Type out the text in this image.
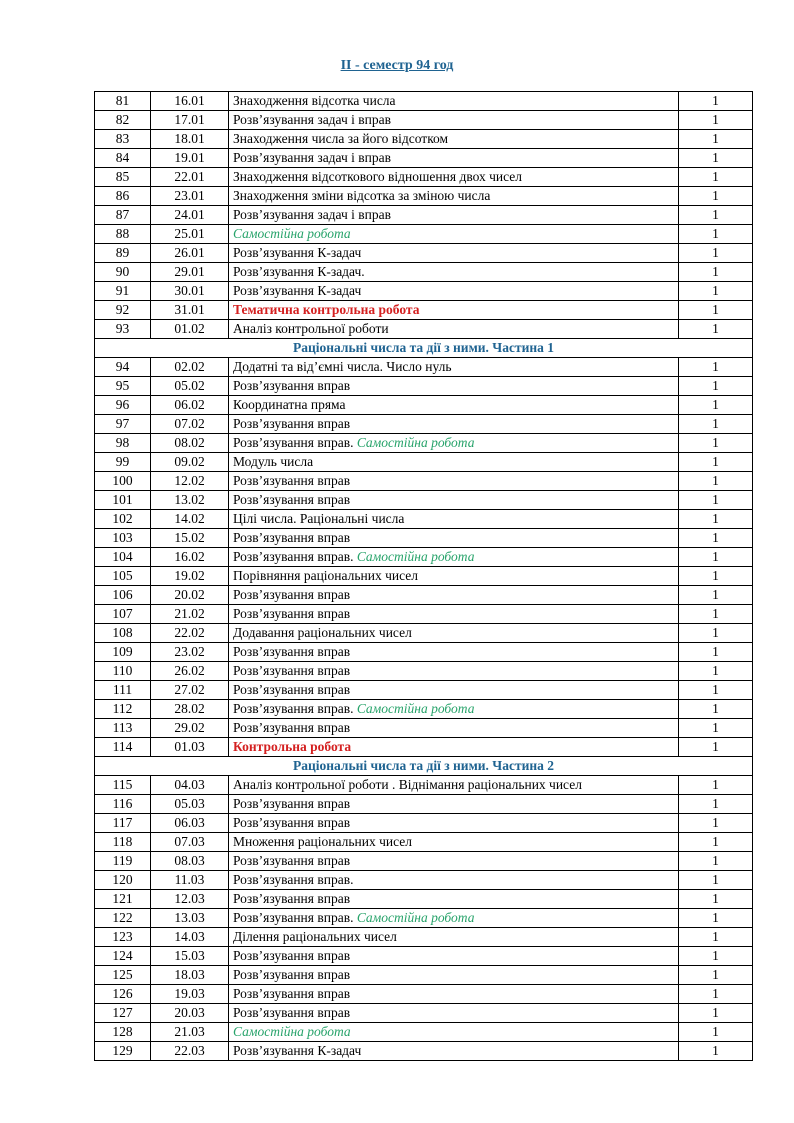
ІІ - семестр 94 год
81	16.01	Знаходження відсотка числа	1
82	17.01	Розв’язування задач і вправ	1
83	18.01	Знаходження числа за його відсотком	1
84	19.01	Розв’язування задач і вправ	1
85	22.01	Знаходження відсоткового відношення двох чисел	1
86	23.01	Знаходження зміни відсотка за зміною числа	1
87	24.01	Розв’язування задач і вправ	1
88	25.01	Самостійна робота	1
89	26.01	Розв’язування К-задач	1
90	29.01	Розв’язування К-задач.	1
91	30.01	Розв’язування К-задач	1
92	31.01	Тематична контрольна робота	1
93	01.02	Аналіз контрольної роботи	1
Раціональні числа та дії з ними. Частина 1			
94	02.02	Додатні та від’ємні числа. Число нуль	1
95	05.02	Розв’язування вправ	1
96	06.02	Координатна пряма	1
97	07.02	Розв’язування вправ	1
98	08.02	Розв’язування вправ. Самостійна робота	1
99	09.02	Модуль числа	1
100	12.02	Розв’язування вправ	1
101	13.02	Розв’язування вправ	1
102	14.02	Цілі числа. Раціональні числа	1
103	15.02	Розв’язування вправ	1
104	16.02	Розв’язування вправ. Самостійна робота	1
105	19.02	Порівняння раціональних чисел	1
106	20.02	Розв’язування вправ	1
107	21.02	Розв’язування вправ	1
108	22.02	Додавання раціональних чисел	1
109	23.02	Розв’язування вправ	1
110	26.02	Розв’язування вправ	1
111	27.02	Розв’язування вправ	1
112	28.02	Розв’язування вправ. Самостійна робота	1
113	29.02	Розв’язування вправ	1
114	01.03	Контрольна робота	1
Раціональні числа та дії з ними. Частина 2			
115	04.03	Аналіз контрольної роботи . Віднімання раціональних чисел	1
116	05.03	Розв’язування вправ	1
117	06.03	Розв’язування вправ	1
118	07.03	Множення раціональних чисел	1
119	08.03	Розв’язування вправ	1
120	11.03	Розв’язування вправ.	1
121	12.03	Розв’язування вправ	1
122	13.03	Розв’язування вправ. Самостійна робота	1
123	14.03	Ділення раціональних чисел	1
124	15.03	Розв’язування вправ	1
125	18.03	Розв’язування вправ	1
126	19.03	Розв’язування вправ	1
127	20.03	Розв’язування вправ	1
128	21.03	Самостійна робота	1
129	22.03	Розв’язування К-задач	1
